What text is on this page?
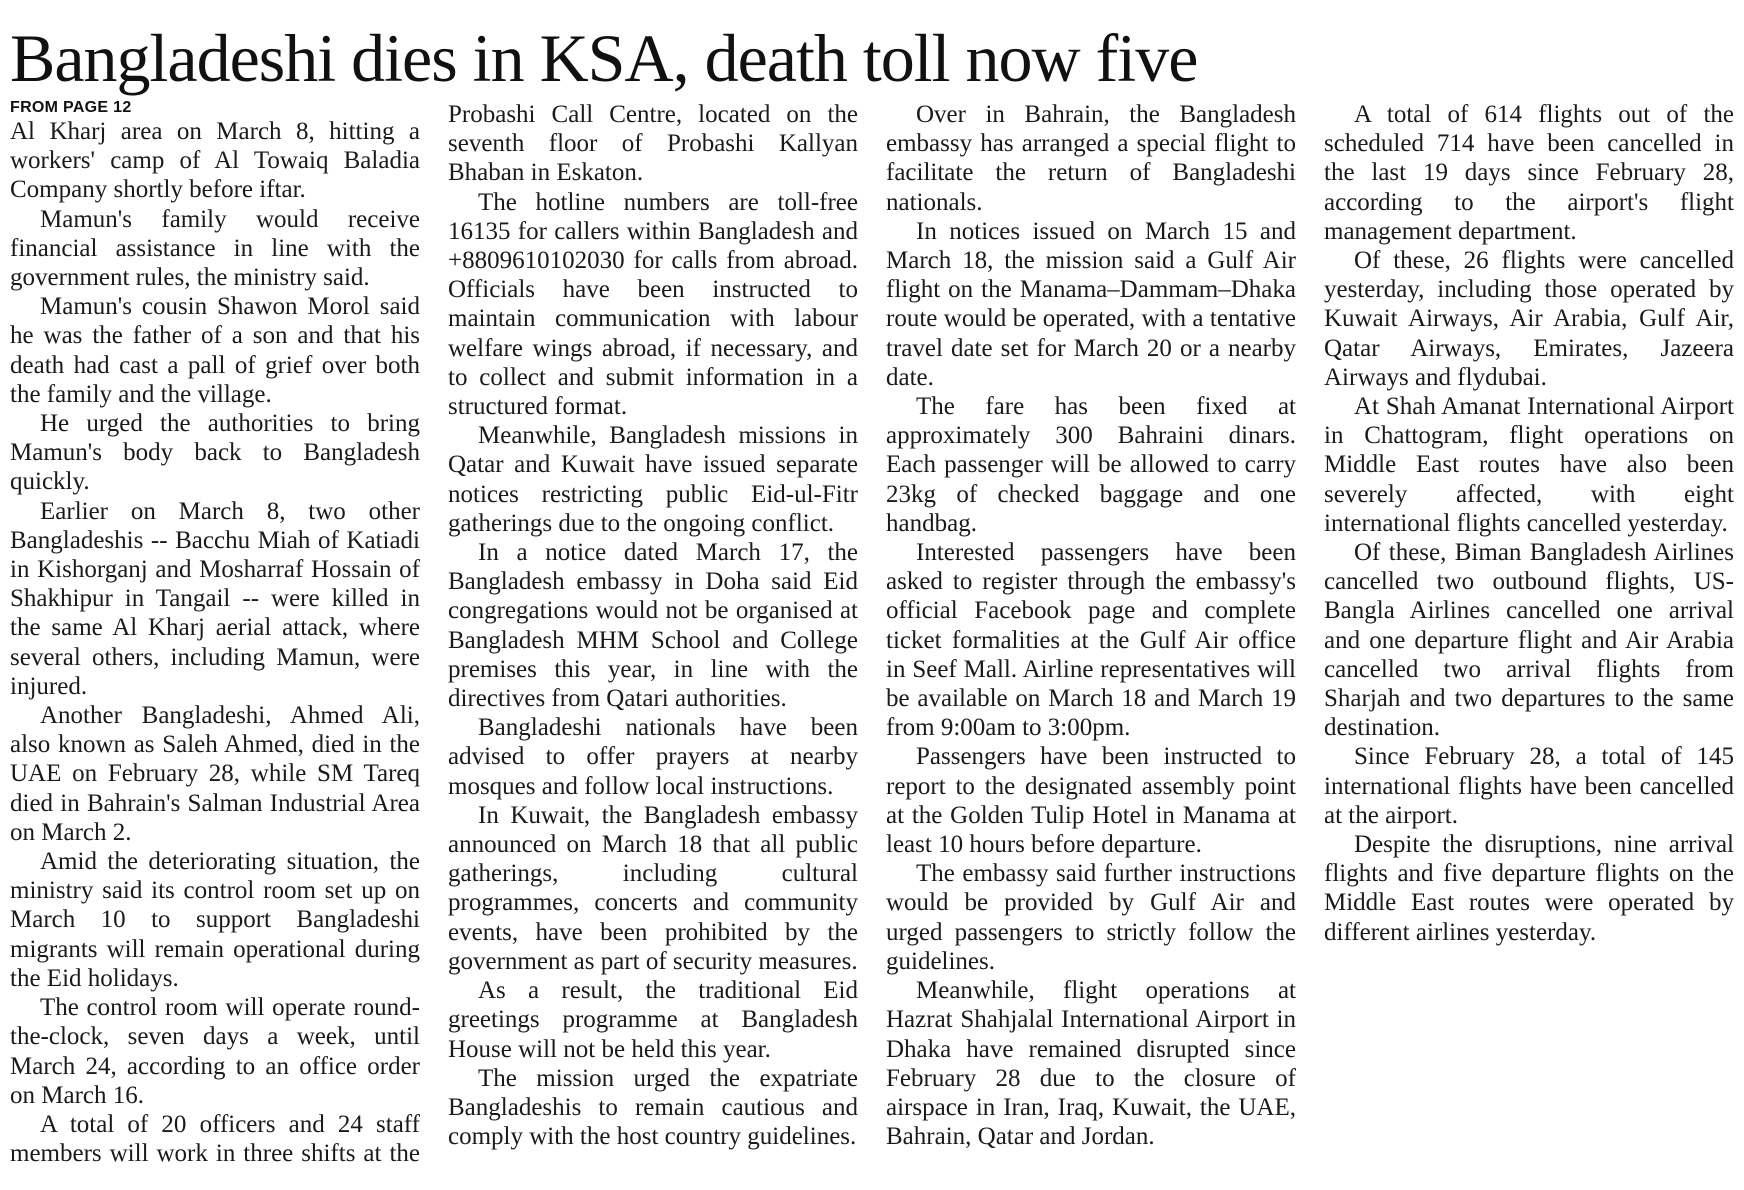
Bangladeshi dies in KSA, death toll now five
FROM PAGE 12

Al Kharj area on March 8, hitting a workers' camp of Al Towaiq Baladia Company shortly before iftar.

Mamun's family would receive financial assistance in line with the government rules, the ministry said.

Mamun's cousin Shawon Morol said he was the father of a son and that his death had cast a pall of grief over both the family and the village.

He urged the authorities to bring Mamun's body back to Bangladesh quickly.

Earlier on March 8, two other Bangladeshis -- Bacchu Miah of Katiadi in Kishorganj and Mosharraf Hossain of Shakhipur in Tangail -- were killed in the same Al Kharj aerial attack, where several others, including Mamun, were injured.

Another Bangladeshi, Ahmed Ali, also known as Saleh Ahmed, died in the UAE on February 28, while SM Tareq died in Bahrain's Salman Industrial Area on March 2.

Amid the deteriorating situation, the ministry said its control room set up on March 10 to support Bangladeshi migrants will remain operational during the Eid holidays.

The control room will operate round-the-clock, seven days a week, until March 24, according to an office order on March 16.

A total of 20 officers and 24 staff members will work in three shifts at the Probashi Call Centre, located on the seventh floor of Probashi Kallyan Bhaban in Eskaton.

The hotline numbers are toll-free 16135 for callers within Bangladesh and +8809610102030 for calls from abroad. Officials have been instructed to maintain communication with labour welfare wings abroad, if necessary, and to collect and submit information in a structured format.

Meanwhile, Bangladesh missions in Qatar and Kuwait have issued separate notices restricting public Eid-ul-Fitr gatherings due to the ongoing conflict.

In a notice dated March 17, the Bangladesh embassy in Doha said Eid congregations would not be organised at Bangladesh MHM School and College premises this year, in line with the directives from Qatari authorities.

Bangladeshi nationals have been advised to offer prayers at nearby mosques and follow local instructions.

In Kuwait, the Bangladesh embassy announced on March 18 that all public gatherings, including cultural programmes, concerts and community events, have been prohibited by the government as part of security measures.

As a result, the traditional Eid greetings programme at Bangladesh House will not be held this year.

The mission urged the expatriate Bangladeshis to remain cautious and comply with the host country guidelines.

Over in Bahrain, the Bangladesh embassy has arranged a special flight to facilitate the return of Bangladeshi nationals.

In notices issued on March 15 and March 18, the mission said a Gulf Air flight on the Manama–Dammam–Dhaka route would be operated, with a tentative travel date set for March 20 or a nearby date.

The fare has been fixed at approximately 300 Bahraini dinars. Each passenger will be allowed to carry 23kg of checked baggage and one handbag.

Interested passengers have been asked to register through the embassy's official Facebook page and complete ticket formalities at the Gulf Air office in Seef Mall. Airline representatives will be available on March 18 and March 19 from 9:00am to 3:00pm.

Passengers have been instructed to report to the designated assembly point at the Golden Tulip Hotel in Manama at least 10 hours before departure.

The embassy said further instructions would be provided by Gulf Air and urged passengers to strictly follow the guidelines.

Meanwhile, flight operations at Hazrat Shahjalal International Airport in Dhaka have remained disrupted since February 28 due to the closure of airspace in Iran, Iraq, Kuwait, the UAE, Bahrain, Qatar and Jordan.

A total of 614 flights out of the scheduled 714 have been cancelled in the last 19 days since February 28, according to the airport's flight management department.

Of these, 26 flights were cancelled yesterday, including those operated by Kuwait Airways, Air Arabia, Gulf Air, Qatar Airways, Emirates, Jazeera Airways and flydubai.

At Shah Amanat International Airport in Chattogram, flight operations on Middle East routes have also been severely affected, with eight international flights cancelled yesterday.

Of these, Biman Bangladesh Airlines cancelled two outbound flights, US-Bangla Airlines cancelled one arrival and one departure flight and Air Arabia cancelled two arrival flights from Sharjah and two departures to the same destination.

Since February 28, a total of 145 international flights have been cancelled at the airport.

Despite the disruptions, nine arrival flights and five departure flights on the Middle East routes were operated by different airlines yesterday.
